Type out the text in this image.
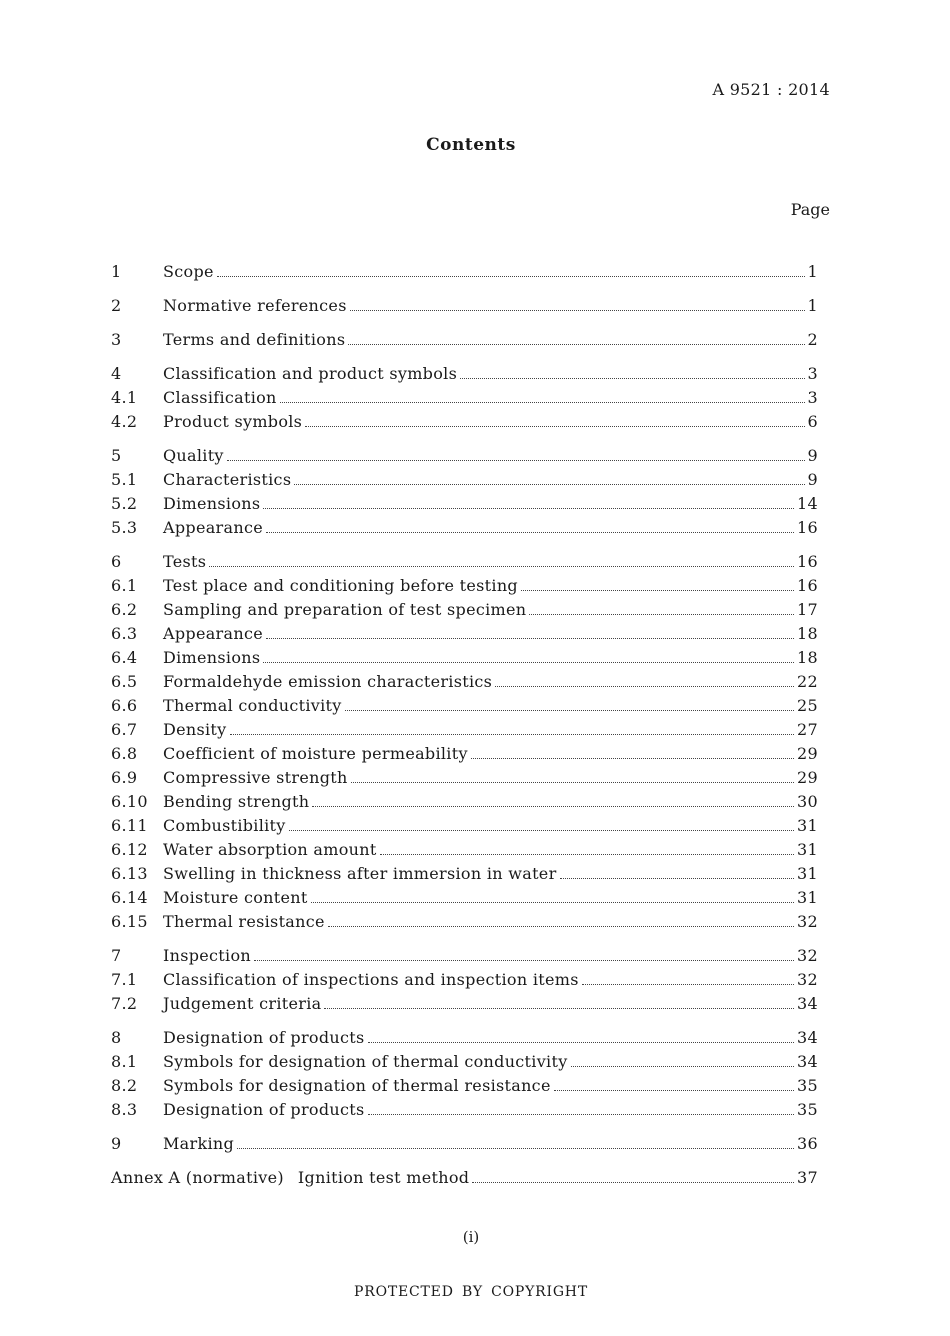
A 9521 : 2014
Contents
Page
1	Scope	1
2	Normative references	1
3	Terms and definitions	2
4	Classification and product symbols	3
4.1	Classification	3
4.2	Product symbols	6
5	Quality	9
5.1	Characteristics	9
5.2	Dimensions	14
5.3	Appearance	16
6	Tests	16
6.1	Test place and conditioning before testing	16
6.2	Sampling and preparation of test specimen	17
6.3	Appearance	18
6.4	Dimensions	18
6.5	Formaldehyde emission characteristics	22
6.6	Thermal conductivity	25
6.7	Density	27
6.8	Coefficient of moisture permeability	29
6.9	Compressive strength	29
6.10 Bending strength	30
6.11 Combustibility	31
6.12 Water absorption amount	31
6.13 Swelling in thickness after immersion in water	31
6.14 Moisture content	31
6.15 Thermal resistance	32
7	Inspection	32
7.1	Classification of inspections and inspection items	32
7.2	Judgement criteria	34
8	Designation of products	34
8.1	Symbols for designation of thermal conductivity	34
8.2	Symbols for designation of thermal resistance	35
8.3	Designation of products	35
9	Marking	36
Annex A (normative) Ignition test method	37
(i)
PROTECTED BY COPYRIGHT
